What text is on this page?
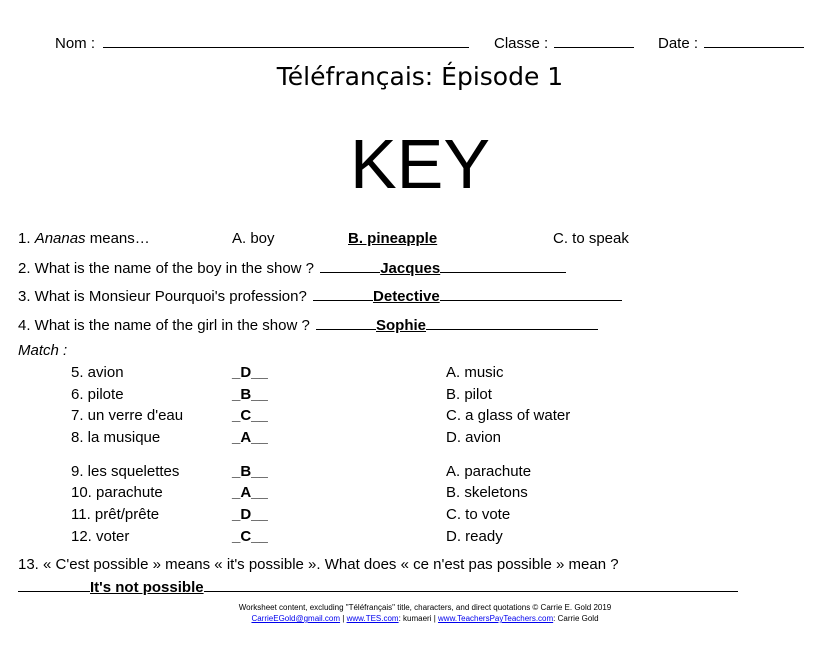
Nom :	Classe :	Date :
Téléfrançais: Épisode 1
KEY
1. Ananas means…	A. boy	B. pineapple	C. to speak
2. What is the name of the boy in the show ?	Jacques
3. What is Monsieur Pourquoi's profession?	Detective
4. What is the name of the girl in the show ?	Sophie
Match :
5. avion	_D__	A. music
6. pilote	_B__	B. pilot
7. un verre d'eau	_C__	C. a glass of water
8. la musique	_A__	D. avion
9. les squelettes	_B__	A. parachute
10. parachute	_A__	B. skeletons
11. prêt/prête	_D__	C. to vote
12. voter	_C__	D. ready
13. « C'est possible » means « it's possible ». What does « ce n'est pas possible » mean ?
It's not possible
Worksheet content, excluding "Téléfrançais" title, characters, and direct quotations © Carrie E. Gold 2019
CarrieEGold@gmail.com | www.TES.com: kumaeri | www.TeachersPayTeachers.com: Carrie Gold
